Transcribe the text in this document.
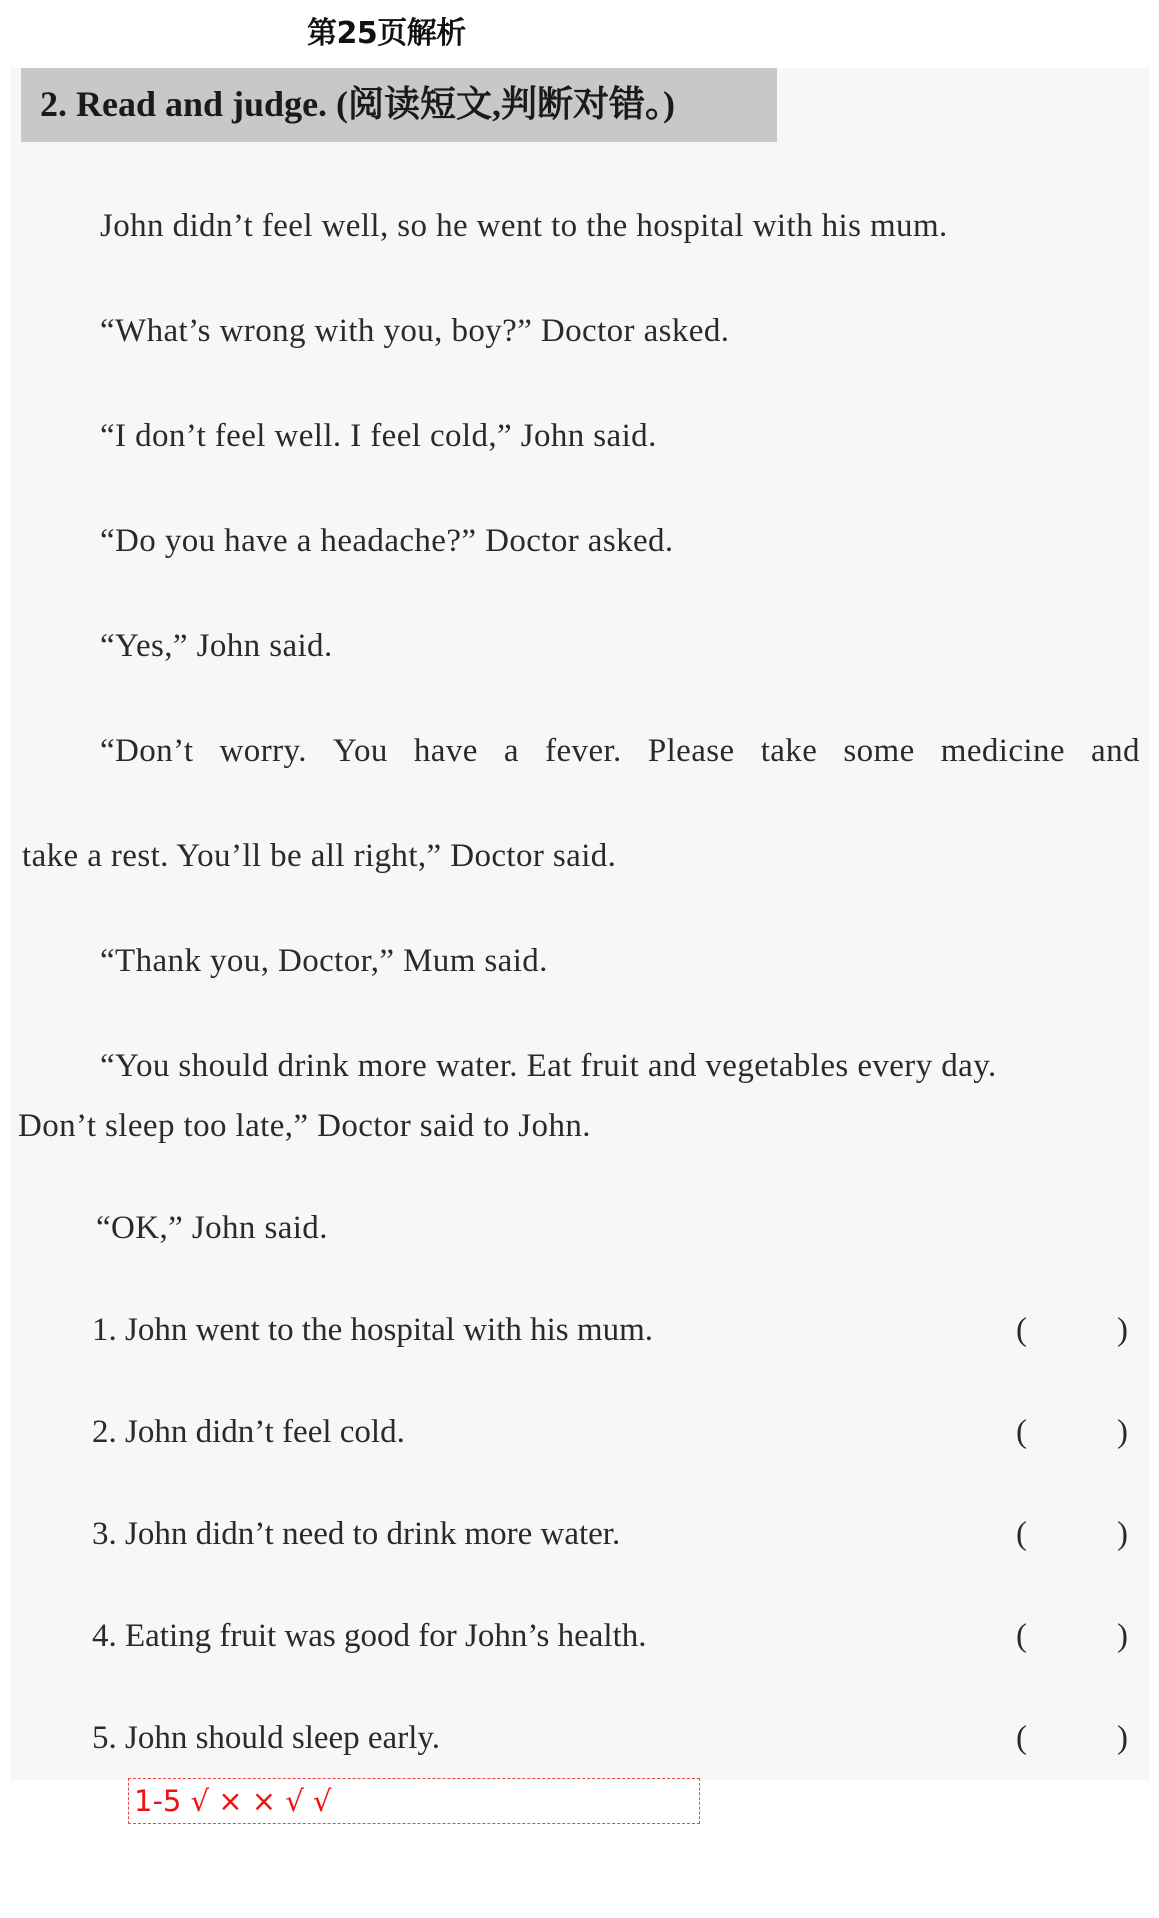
第25页解析
2. Read and judge. (阅读短文,判断对错。)
John didn’t feel well, so he went to the hospital with his mum.
“What’s wrong with you, boy?” Doctor asked.
“I don’t feel well. I feel cold,” John said.
“Do you have a headache?” Doctor asked.
“Yes,” John said.
“Don’t worry. You have a fever. Please take some medicine and
take a rest. You’ll be all right,” Doctor said.
“Thank you, Doctor,” Mum said.
“You should drink more water. Eat fruit and vegetables every day.
Don’t sleep too late,” Doctor said to John.
“OK,” John said.
1. John went to the hospital with his mum.	(	)
2. John didn’t feel cold.	(	)
3. John didn’t need to drink more water.	(	)
4. Eating fruit was good for John’s health.	(	)
5. John should sleep early.	(	)
1-5 √ × × √ √
